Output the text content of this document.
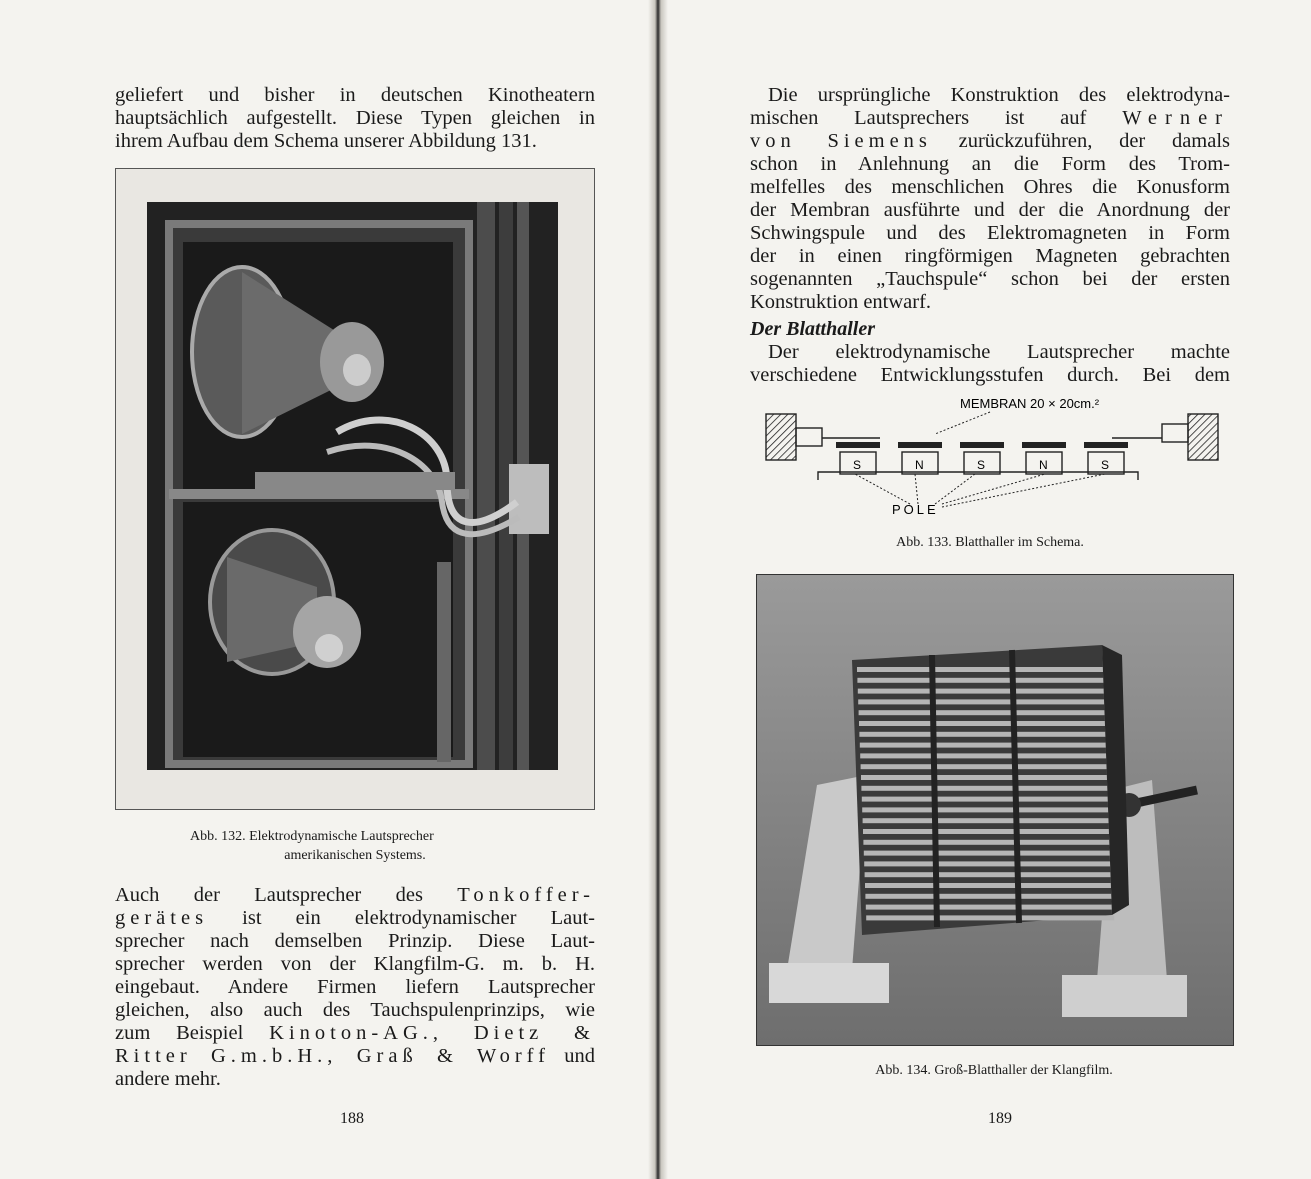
geliefert und bisher in deutschen Kinotheatern
hauptsächlich aufgestellt. Diese Typen gleichen in
ihrem Aufbau dem Schema unserer Abbildung 131.
Abb. 132. Elektrodynamische Lautsprecher
amerikanischen Systems.
Auch der Lautsprecher des Tonkoffer-
gerätes ist ein elektrodynamischer Laut-
sprecher nach demselben Prinzip. Diese Laut-
sprecher werden von der Klangfilm-G. m. b. H.
eingebaut. Andere Firmen liefern Lautsprecher
gleichen, also auch des Tauchspulenprinzips, wie
zum Beispiel Kinoton-AG., Dietz &
Ritter G.m.b.H., Graß & Worff und
andere mehr.
188
Die ursprüngliche Konstruktion des elektrodyna-
mischen Lautsprechers ist auf Werner
von Siemens zurückzuführen, der damals
schon in Anlehnung an die Form des Trom-
melfelles des menschlichen Ohres die Konusform
der Membran ausführte und der die Anordnung der
Schwingspule und des Elektromagneten in Form
der in einen ringförmigen Magneten gebrachten
sogenannten „Tauchspule“ schon bei der ersten
Konstruktion entwarf.
Der Blatthaller
Der elektrodynamische Lautsprecher machte
verschiedene Entwicklungsstufen durch. Bei dem
S	N	S	N	S
MEMBRAN 20 × 20cm.²
POLE
Abb. 133. Blatthaller im Schema.
Abb. 134. Groß-Blatthaller der Klangfilm.
189
